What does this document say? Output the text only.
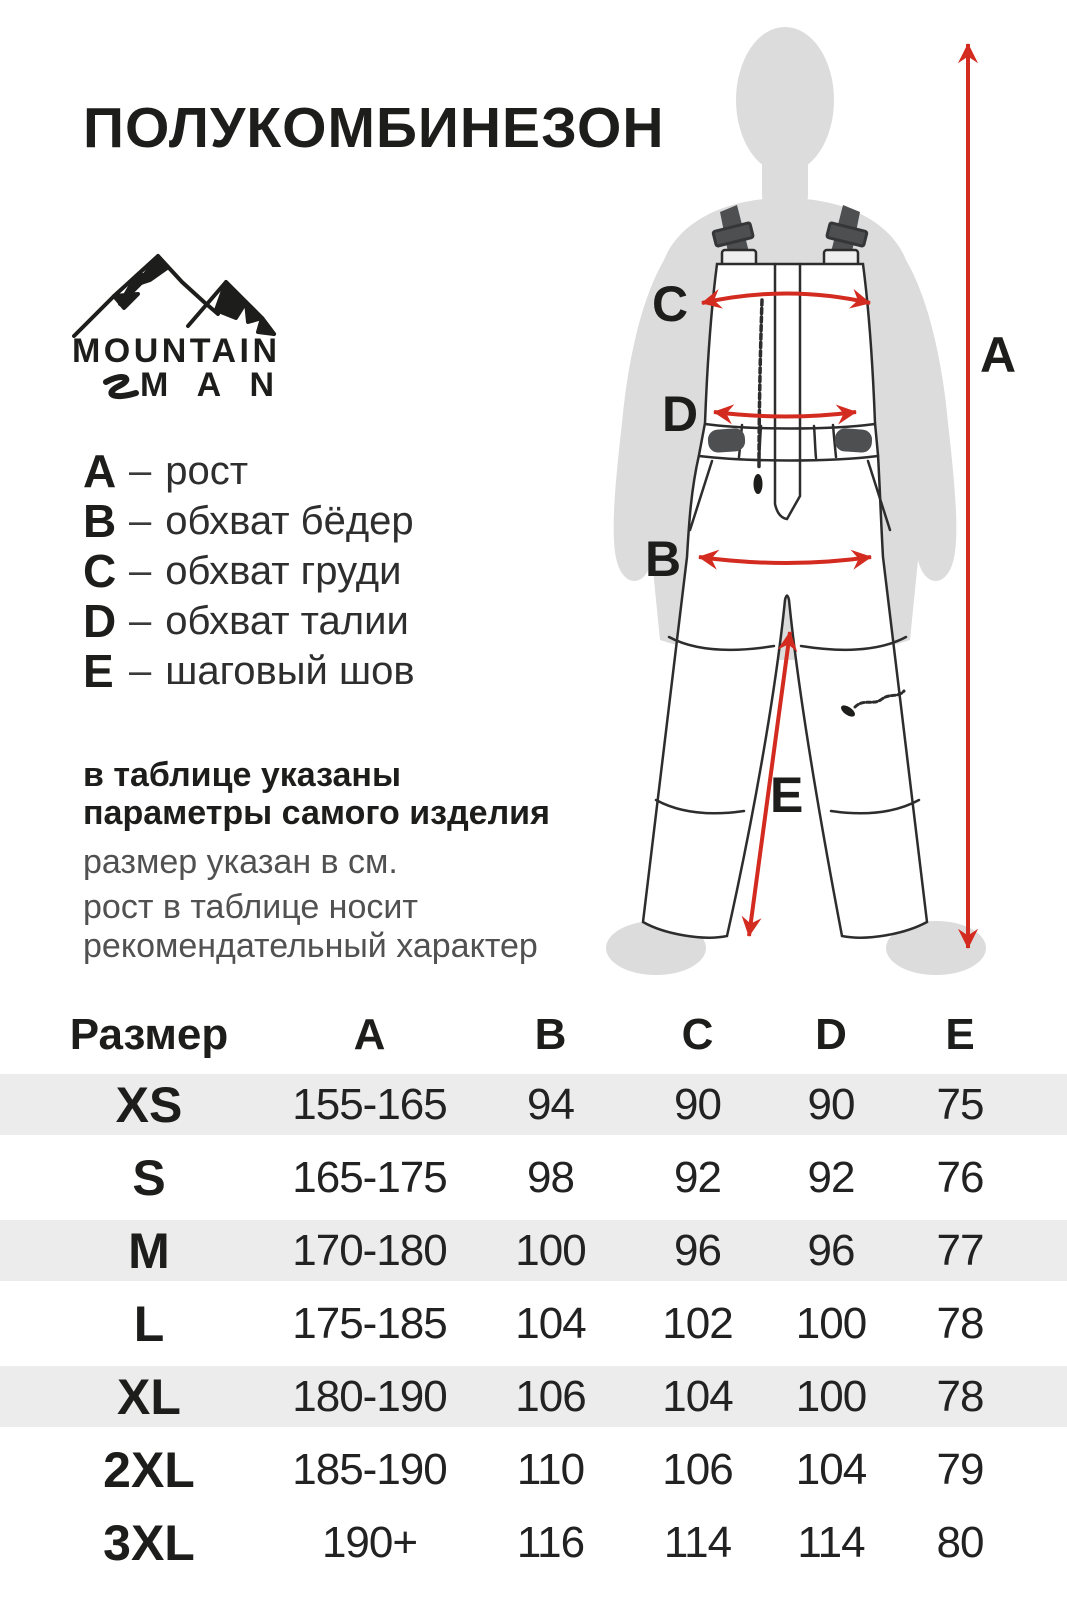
ПОЛУКОМБИНЕЗОН
MOUNTAIN
MAN
A – рост
B – обхват бёдер
C – обхват груди
D – обхват талии
E – шаговый шов
в таблице указаны параметры самого изделия
размер указан в см.
рост в таблице носит рекомендательный характер
C
D
B
E
A
Размер	A	B	C	D	E
XS	155-165	94	90	90	75
S	165-175	98	92	92	76
M	170-180	100	96	96	77
L	175-185	104	102	100	78
XL	180-190	106	104	100	78
2XL	185-190	110	106	104	79
3XL	190+	116	114	114	80
